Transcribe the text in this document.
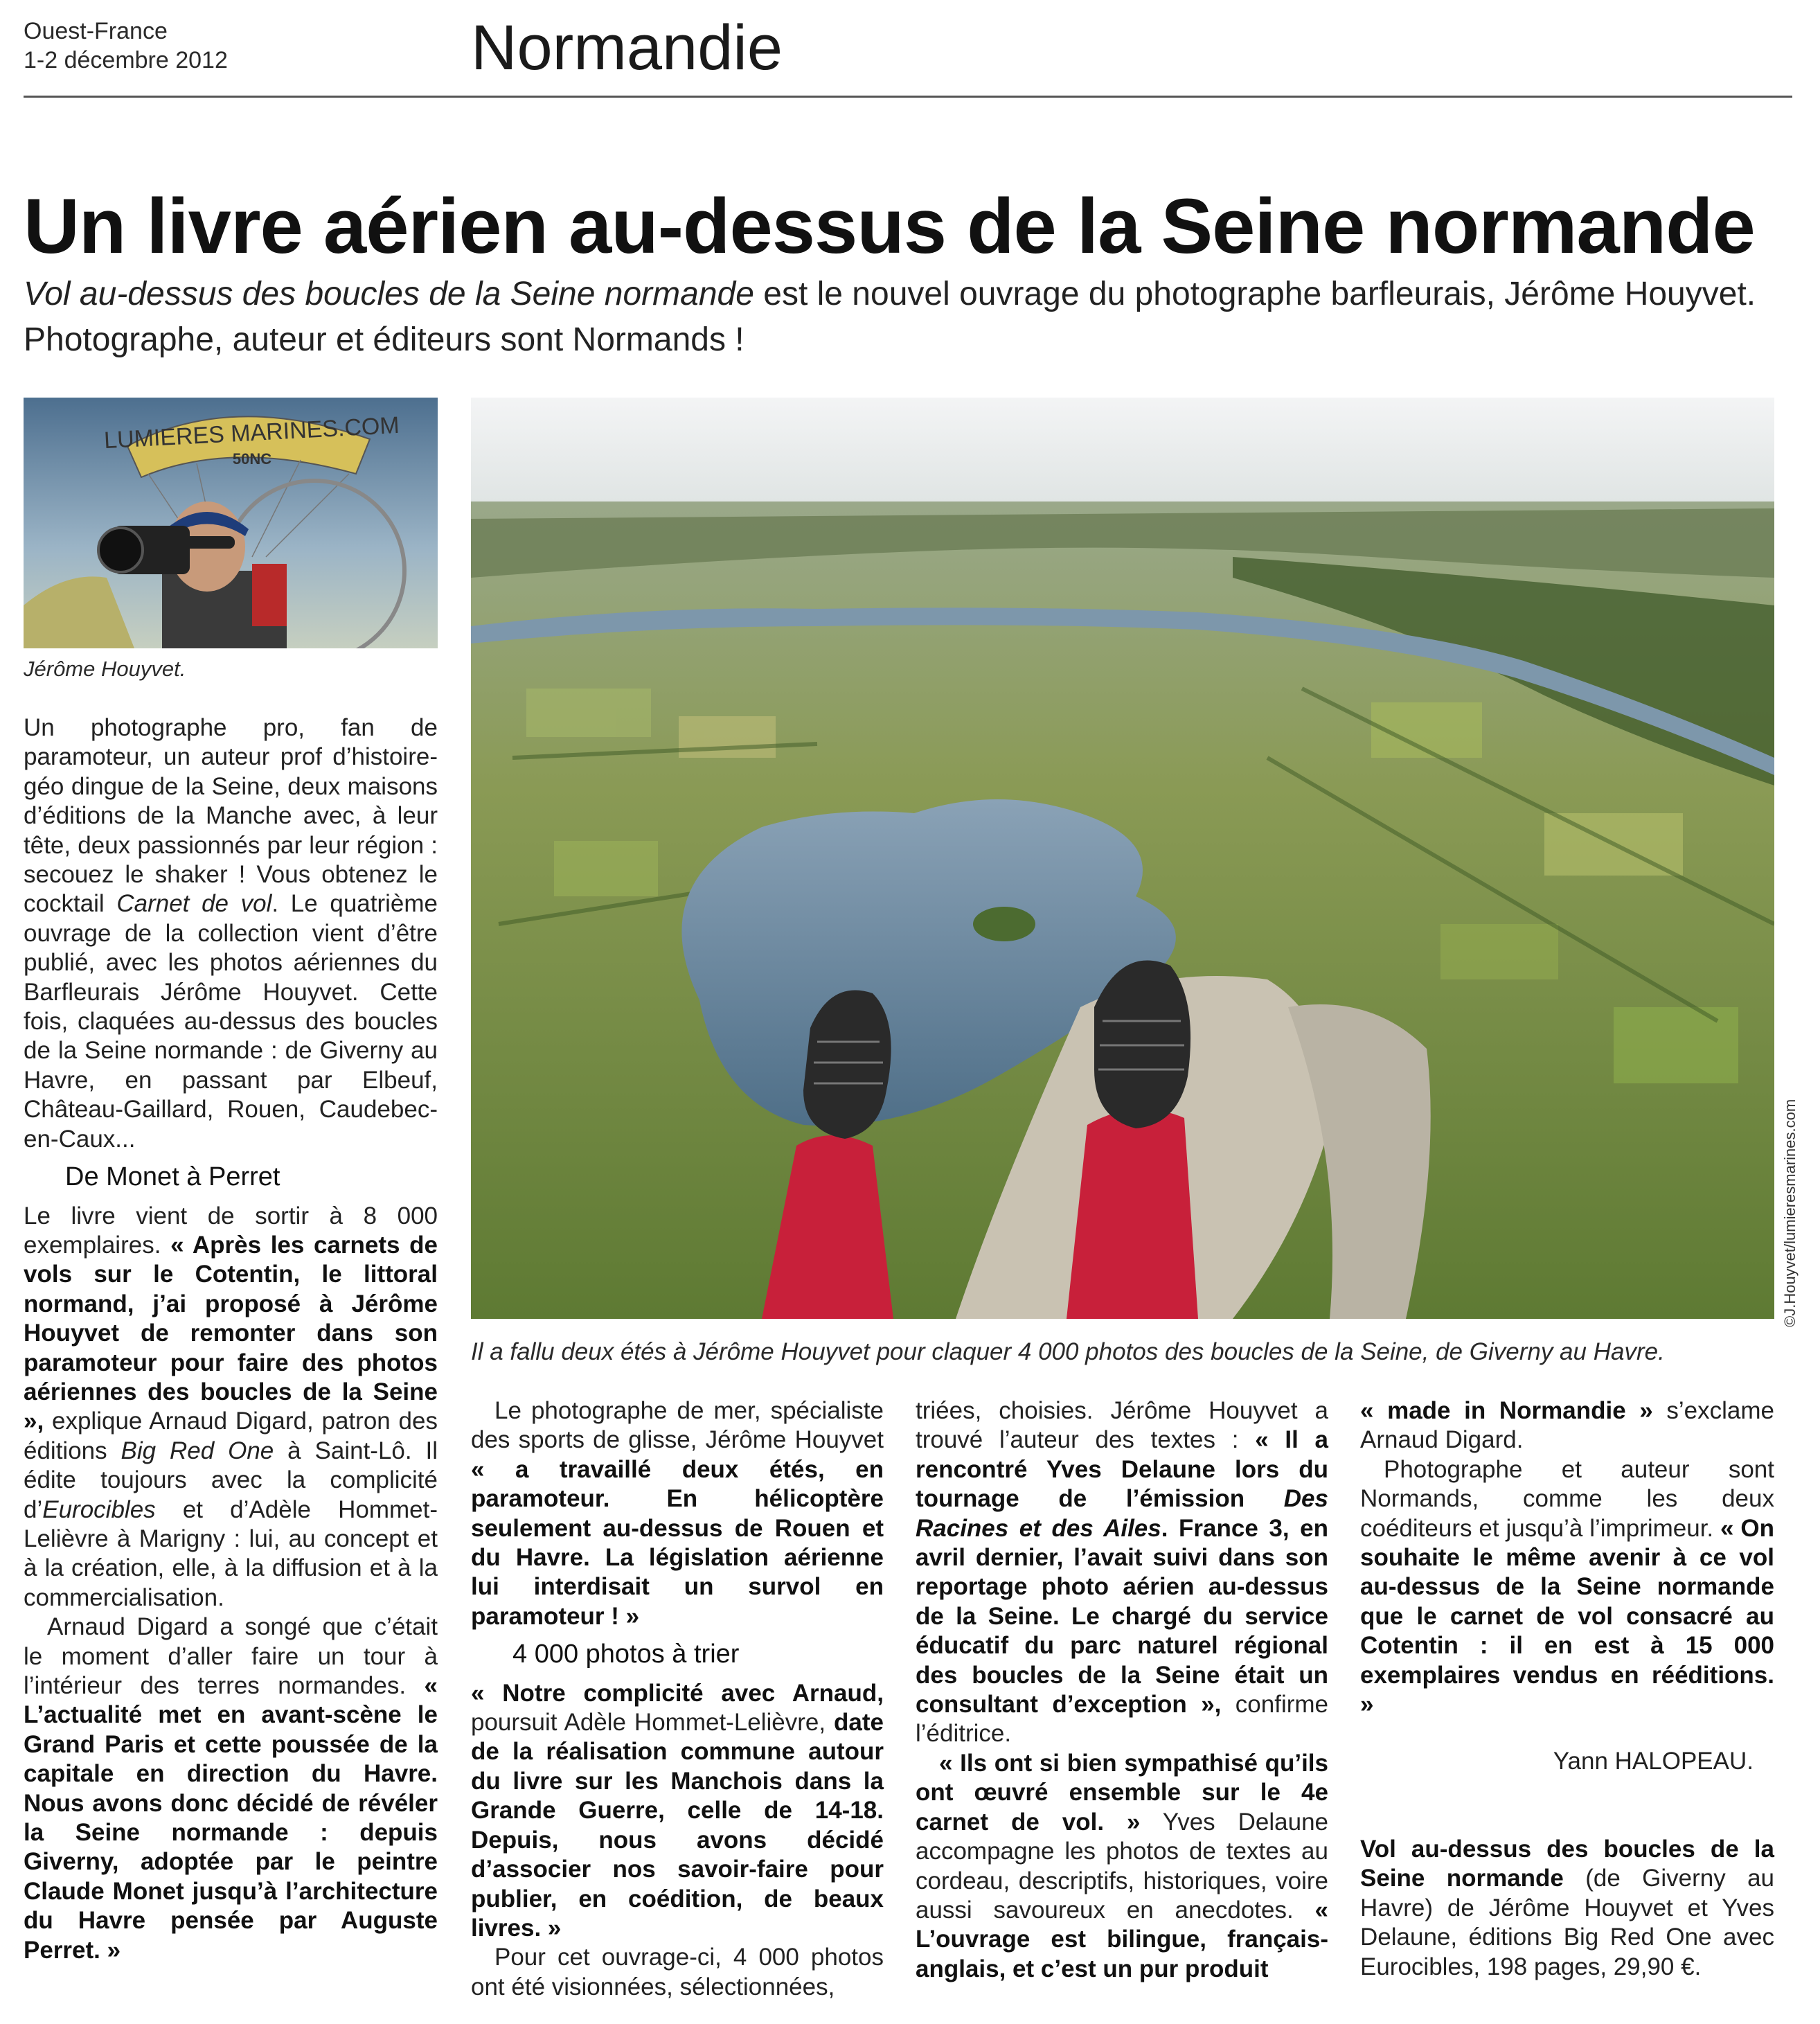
Ouest-France
1-2 décembre 2012	Normandie
Un livre aérien au-dessus de la Seine normande
Vol au-dessus des boucles de la Seine normande est le nouvel ouvrage du photographe barfleurais, Jérôme Houyvet. Photographe, auteur et éditeurs sont Normands !
LUMIERES MARINES.COM
50NC
Jérôme Houyvet.
©J.Houyvet/lumieresmarines.com
Il a fallu deux étés à Jérôme Houyvet pour claquer 4 000 photos des boucles de la Seine, de Giverny au Havre.

Un photographe pro, fan de paramoteur, un auteur prof d’histoire-géo dingue de la Seine, deux maisons d’éditions de la Manche avec, à leur tête, deux passionnés par leur région : secouez le shaker ! Vous obtenez le cocktail Carnet de vol. Le quatrième ouvrage de la collection vient d’être publié, avec les photos aériennes du Barfleurais Jérôme Houyvet. Cette fois, claquées au-dessus des boucles de la Seine normande : de Giverny au Havre, en passant par Elbeuf, Château-Gaillard, Rouen, Caudebec-en-Caux...

De Monet à Perret

Le livre vient de sortir à 8 000 exemplaires. « Après les carnets de vols sur le Cotentin, le littoral normand, j’ai proposé à Jérôme Houyvet de remonter dans son paramoteur pour faire des photos aériennes des boucles de la Seine », explique Arnaud Digard, patron des éditions Big Red One à Saint-Lô. Il édite toujours avec la complicité d’Eurocibles et d’Adèle Hommet-Lelièvre à Marigny : lui, au concept et à la création, elle, à la diffusion et à la commercialisation.

Arnaud Digard a songé que c’était le moment d’aller faire un tour à l’intérieur des terres normandes. « L’actualité met en avant-scène le Grand Paris et cette poussée de la capitale en direction du Havre. Nous avons donc décidé de révéler la Seine normande : depuis Giverny, adoptée par le peintre Claude Monet jusqu’à l’architecture du Havre pensée par Auguste Perret. »

Le photographe de mer, spécialiste des sports de glisse, Jérôme Houyvet « a travaillé deux étés, en paramoteur. En hélicoptère seulement au-dessus de Rouen et du Havre. La législation aérienne lui interdisait un survol en paramoteur ! »

4 000 photos à trier

« Notre complicité avec Arnaud, poursuit Adèle Hommet-Lelièvre, date de la réalisation commune autour du livre sur les Manchois dans la Grande Guerre, celle de 14-18. Depuis, nous avons décidé d’associer nos savoir-faire pour publier, en coédition, de beaux livres. »

Pour cet ouvrage-ci, 4 000 photos ont été visionnées, sélectionnées,

triées, choisies. Jérôme Houyvet a trouvé l’auteur des textes : « Il a rencontré Yves Delaune lors du tournage de l’émission Des Racines et des Ailes. France 3, en avril dernier, l’avait suivi dans son reportage photo aérien au-dessus de la Seine. Le chargé du service éducatif du parc naturel régional des boucles de la Seine était un consultant d’exception », confirme l’éditrice.

« Ils ont si bien sympathisé qu’ils ont œuvré ensemble sur le 4e carnet de vol. » Yves Delaune accompagne les photos de textes au cordeau, descriptifs, historiques, voire aussi savoureux en anecdotes. « L’ouvrage est bilingue, français-anglais, et c’est un pur produit

« made in Normandie » s’exclame Arnaud Digard.

Photographe et auteur sont Normands, comme les deux coéditeurs et jusqu’à l’imprimeur. « On souhaite le même avenir à ce vol au-dessus de la Seine normande que le carnet de vol consacré au Cotentin : il en est à 15 000 exemplaires vendus en rééditions. »

Yann HALOPEAU.

Vol au-dessus des boucles de la Seine normande (de Giverny au Havre) de Jérôme Houyvet et Yves Delaune, éditions Big Red One avec Eurocibles, 198 pages, 29,90 €.
